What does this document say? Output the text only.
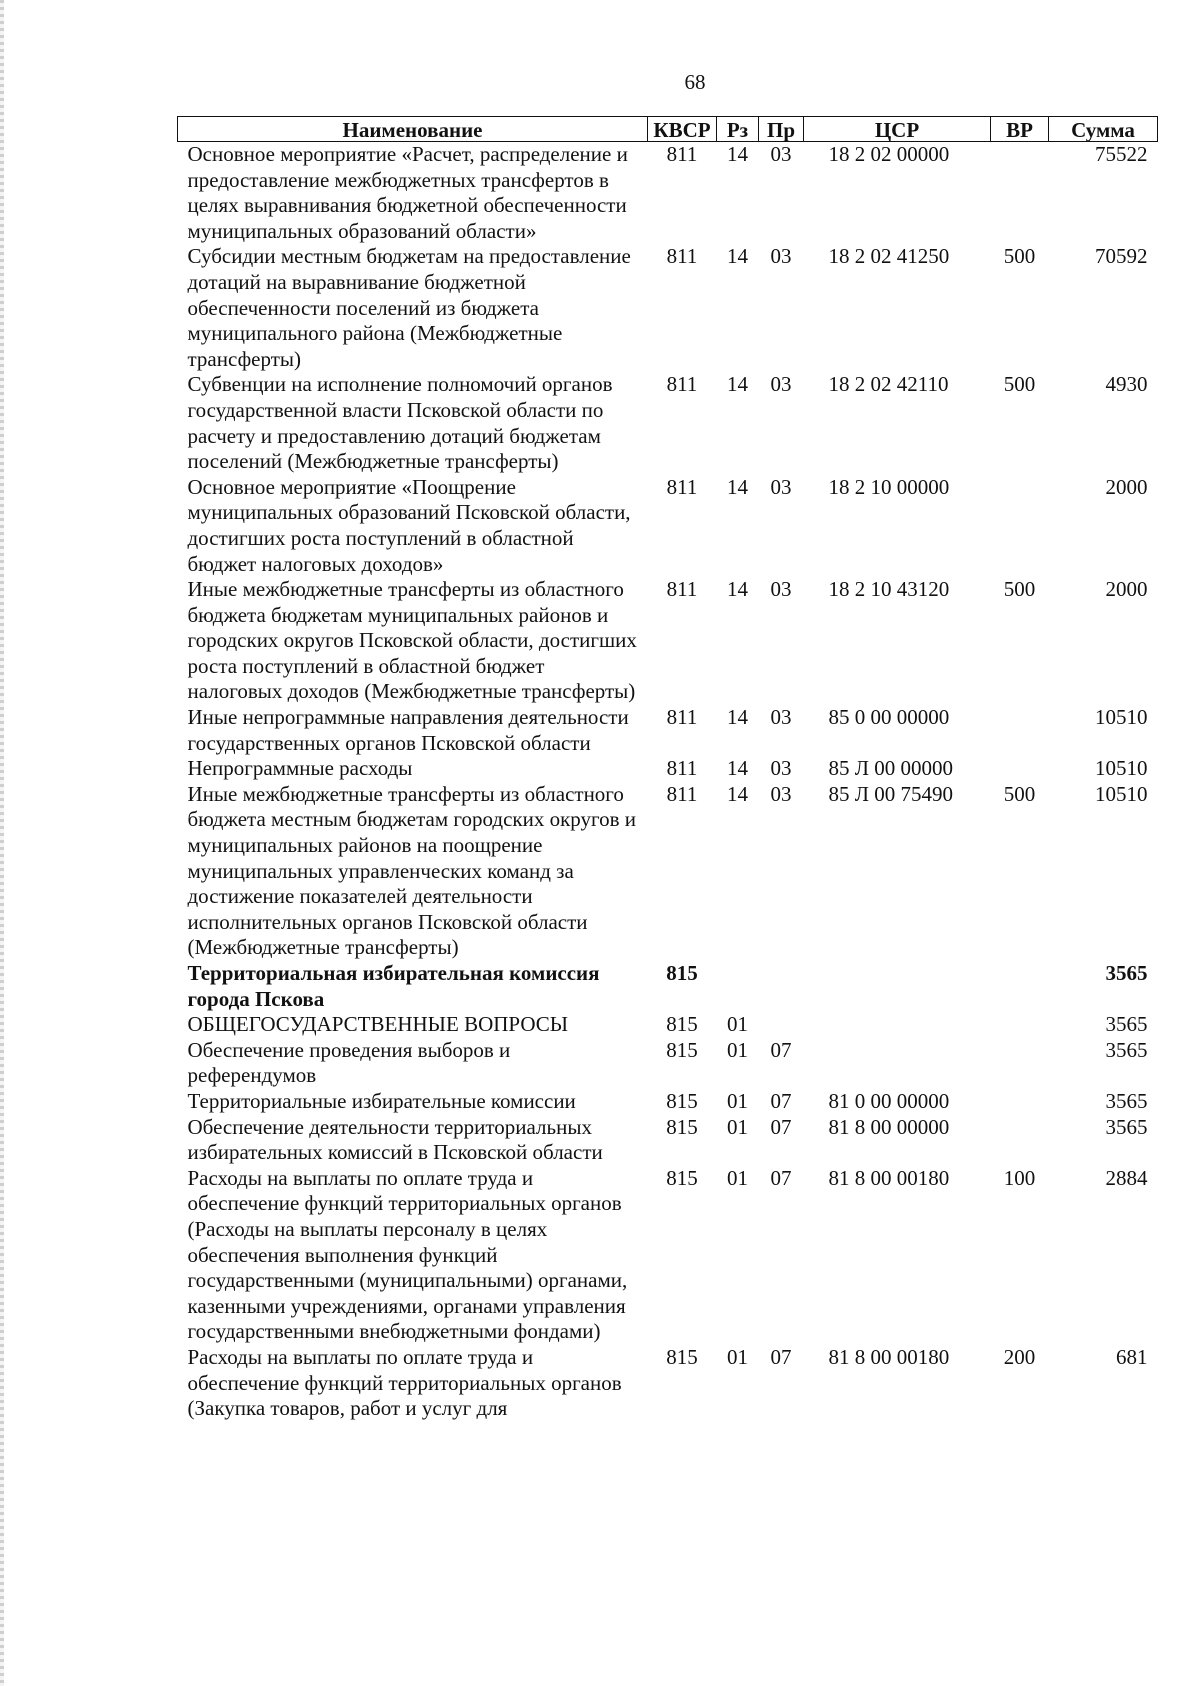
68
Наименование	КВСР	Рз	Пр	ЦСР	ВР	Сумма
Основное мероприятие «Расчет, распределение и предоставление межбюджетных трансфертов в целях выравнивания бюджетной обеспеченности муниципальных образований области»	811	14	03	18 2 02 00000		75522
Субсидии местным бюджетам на предоставление дотаций на выравнивание бюджетной обеспеченности поселений из бюджета муниципального района (Межбюджетные трансферты)	811	14	03	18 2 02 41250	500	70592
Субвенции на исполнение полномочий органов государственной власти Псковской области по расчету и предоставлению дотаций бюджетам поселений (Межбюджетные трансферты)	811	14	03	18 2 02 42110	500	4930
Основное мероприятие «Поощрение муниципальных образований Псковской области, достигших роста поступлений в областной бюджет налоговых доходов»	811	14	03	18 2 10 00000		2000
Иные межбюджетные трансферты из областного бюджета бюджетам муниципальных районов и городских округов Псковской области, достигших роста поступлений в областной бюджет налоговых доходов (Межбюджетные трансферты)	811	14	03	18 2 10 43120	500	2000
Иные непрограммные направления деятельности государственных органов Псковской области	811	14	03	85 0 00 00000		10510
Непрограммные расходы	811	14	03	85 Л 00 00000		10510
Иные межбюджетные трансферты из областного бюджета местным бюджетам городских округов и муниципальных районов на поощрение муниципальных управленческих команд за достижение показателей деятельности исполнительных органов Псковской области (Межбюджетные трансферты)	811	14	03	85 Л 00 75490	500	10510
Территориальная избирательная комиссия города Пскова	815					3565
ОБЩЕГОСУДАРСТВЕННЫЕ ВОПРОСЫ	815	01				3565
Обеспечение проведения выборов и референдумов	815	01	07			3565
Территориальные избирательные комиссии	815	01	07	81 0 00 00000		3565
Обеспечение деятельности территориальных избирательных комиссий в Псковской области	815	01	07	81 8 00 00000		3565
Расходы на выплаты по оплате труда и обеспечение функций территориальных органов (Расходы на выплаты персоналу в целях обеспечения выполнения функций государственными (муниципальными) органами, казенными учреждениями, органами управления государственными внебюджетными фондами)	815	01	07	81 8 00 00180	100	2884
Расходы на выплаты по оплате труда и обеспечение функций территориальных органов (Закупка товаров, работ и услуг для	815	01	07	81 8 00 00180	200	681
